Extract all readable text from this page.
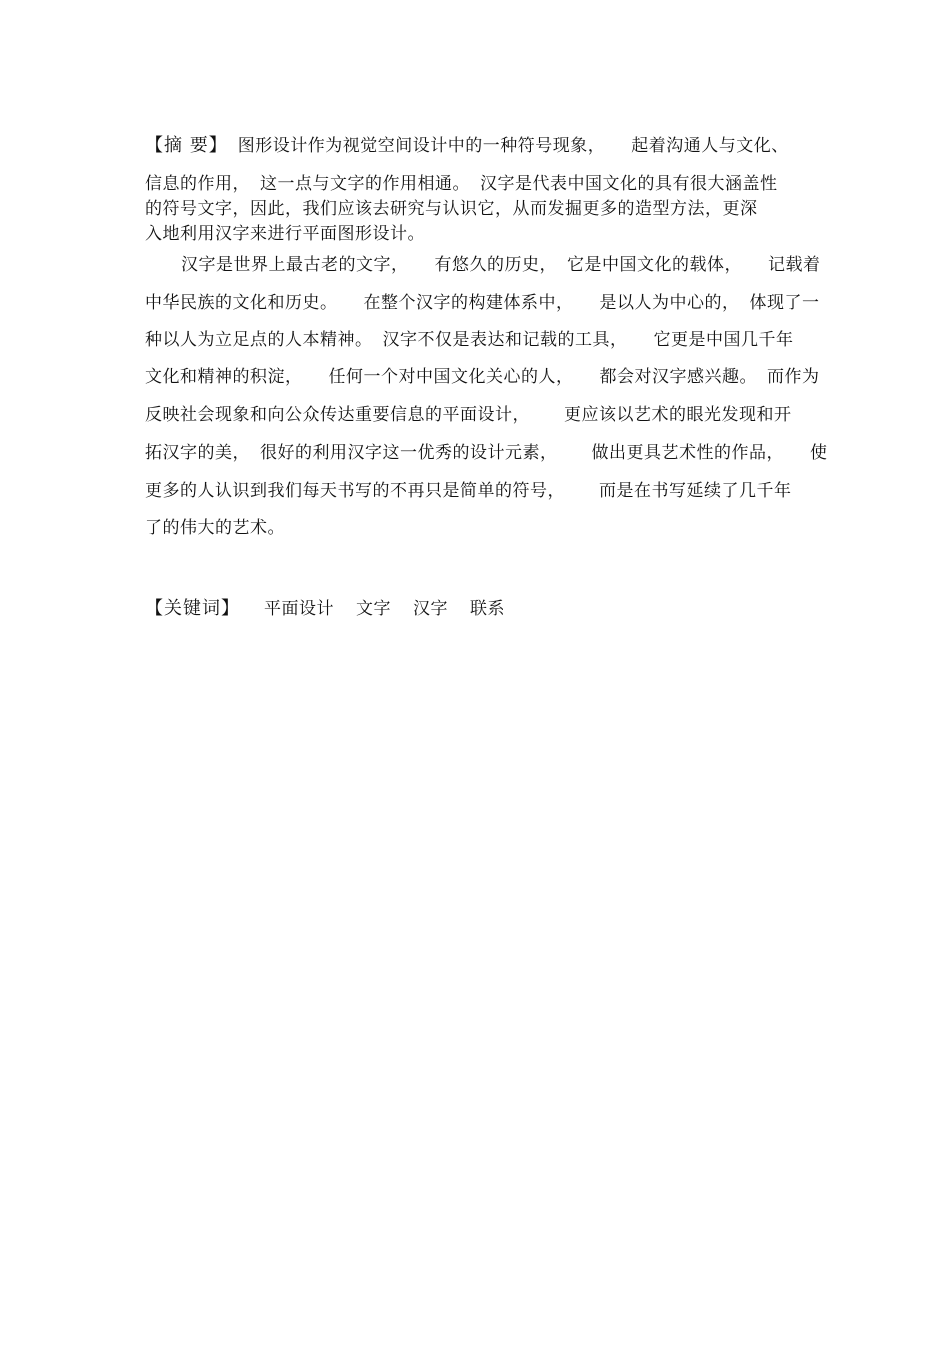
【摘 要】 图形设计作为视觉空间设计中的一种符号现象， 起着沟通人与文化、
信息的作用， 这一点与文字的作用相通。 汉字是代表中国文化的具有很大涵盖性
的符号文字，因此，我们应该去研究与认识它，从而发掘更多的造型方法，更深
入地利用汉字来进行平面图形设计。
汉字是世界上最古老的文字， 有悠久的历史， 它是中国文化的载体， 记载着
中华民族的文化和历史。 在整个汉字的构建体系中， 是以人为中心的， 体现了一
种以人为立足点的人本精神。 汉字不仅是表达和记载的工具， 它更是中国几千年
文化和精神的积淀， 任何一个对中国文化关心的人， 都会对汉字感兴趣。 而作为
反映社会现象和向公众传达重要信息的平面设计， 更应该以艺术的眼光发现和开
拓汉字的美， 很好的利用汉字这一优秀的设计元素， 做出更具艺术性的作品， 使
更多的人认识到我们每天书写的不再只是简单的符号， 而是在书写延续了几千年
了的伟大的艺术。
【关键词】 平面设计 文字 汉字 联系
